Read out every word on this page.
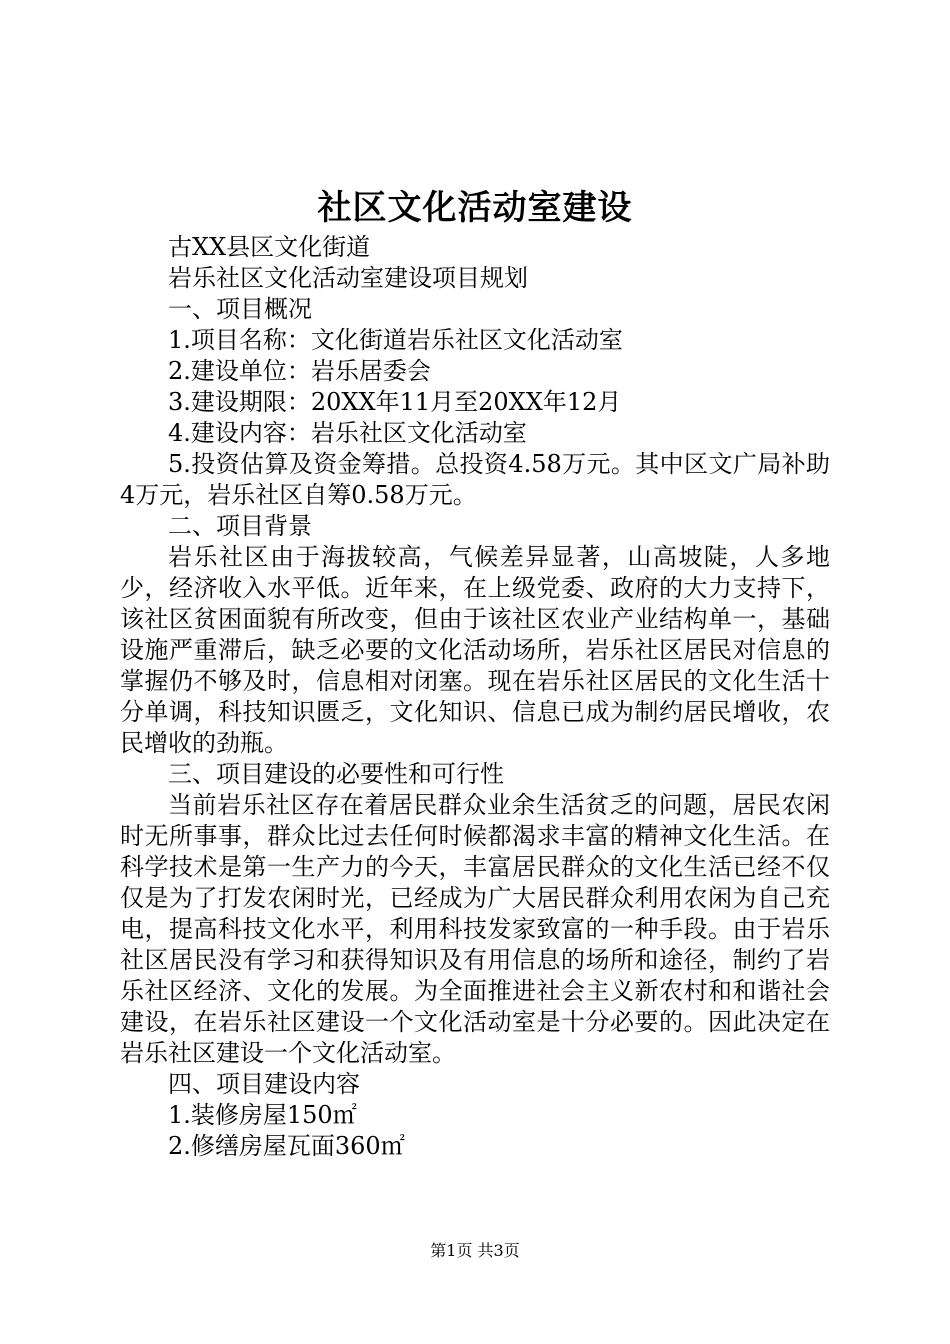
社区文化活动室建设

古XX县区文化街道

岩乐社区文化活动室建设项目规划

一、项目概况

1.项目名称：文化街道岩乐社区文化活动室

2.建设单位：岩乐居委会

3.建设期限：20XX年11月至20XX年12月

4.建设内容：岩乐社区文化活动室

5.投资估算及资金筹措。总投资4.58万元。其中区文广局补助4万元，岩乐社区自筹0.58万元。

二、项目背景

岩乐社区由于海拔较高，气候差异显著，山高坡陡，人多地少，经济收入水平低。近年来，在上级党委、政府的大力支持下，该社区贫困面貌有所改变，但由于该社区农业产业结构单一，基础设施严重滞后，缺乏必要的文化活动场所，岩乐社区居民对信息的掌握仍不够及时，信息相对闭塞。现在岩乐社区居民的文化生活十分单调，科技知识匮乏，文化知识、信息已成为制约居民增收，农民增收的劲瓶。

三、项目建设的必要性和可行性

当前岩乐社区存在着居民群众业余生活贫乏的问题，居民农闲时无所事事，群众比过去任何时候都渴求丰富的精神文化生活。在科学技术是第一生产力的今天，丰富居民群众的文化生活已经不仅仅是为了打发农闲时光，已经成为广大居民群众利用农闲为自己充电，提高科技文化水平，利用科技发家致富的一种手段。由于岩乐社区居民没有学习和获得知识及有用信息的场所和途径，制约了岩乐社区经济、文化的发展。为全面推进社会主义新农村和和谐社会建设，在岩乐社区建设一个文化活动室是十分必要的。因此决定在岩乐社区建设一个文化活动室。

四、项目建设内容

1.装修房屋150㎡

2.修缮房屋瓦面360㎡

第1页 共3页
